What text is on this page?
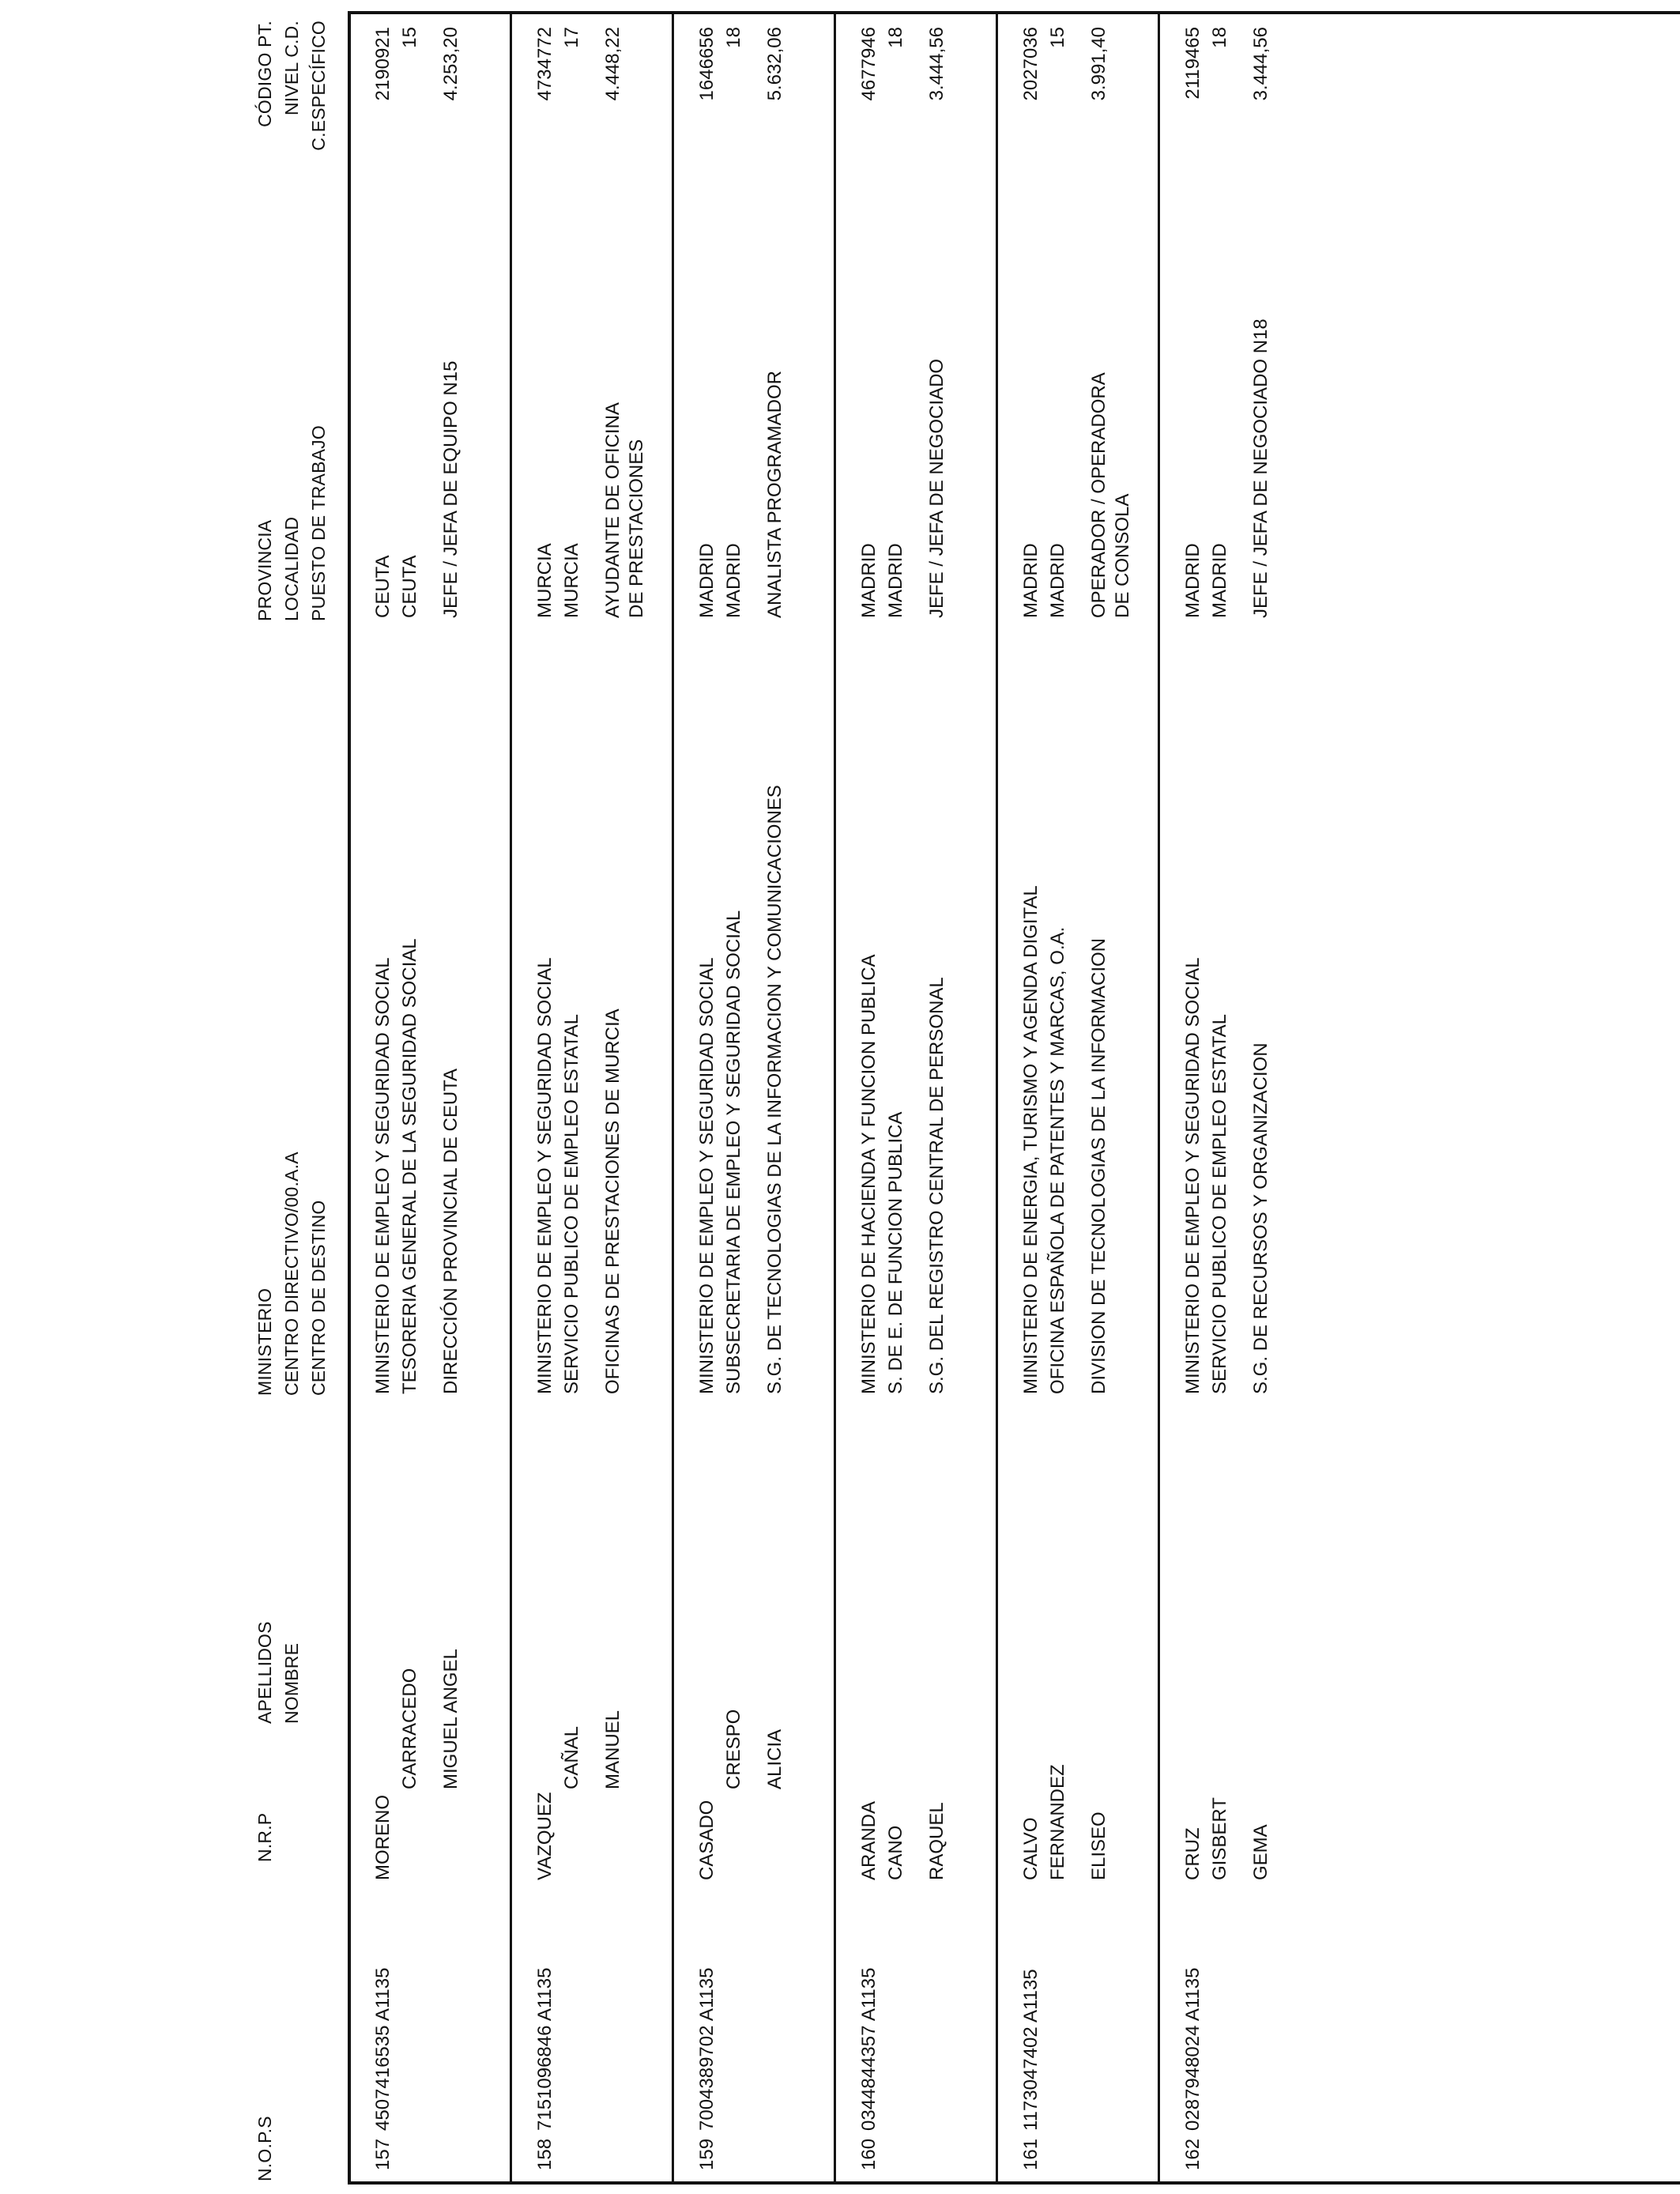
N.O.P.S
N.R.P
APELLIDOS NOMBRE
MINISTERIO CENTRO DIRECTIVO/00.A.A CENTRO DE DESTINO
PROVINCIA LOCALIDAD PUESTO DE TRABAJO
CÓDIGO PT. NIVEL C.D. C.ESPECÍFICO
157
4507416535 A1135
MORENO
CARRACEDO MIGUEL ANGEL
MINISTERIO DE EMPLEO Y SEGURIDAD SOCIAL TESORERIA GENERAL DE LA SEGURIDAD SOCIAL DIRECCIÓN PROVINCIAL DE CEUTA
CEUTA CEUTA JEFE / JEFA DE EQUIPO N15
2190921 15 4.253,20
158
7151096846 A1135
VAZQUEZ
CAÑAL MANUEL
MINISTERIO DE EMPLEO Y SEGURIDAD SOCIAL SERVICIO PUBLICO DE EMPLEO ESTATAL OFICINAS DE PRESTACIONES DE MURCIA
MURCIA MURCIA AYUDANTE DE OFICINA DE PRESTACIONES
4734772 17 4.448,22
159
7004389702 A1135
CASADO
CRESPO ALICIA
MINISTERIO DE EMPLEO Y SEGURIDAD SOCIAL SUBSECRETARIA DE EMPLEO Y SEGURIDAD SOCIAL S.G. DE TECNOLOGIAS DE LA INFORMACION Y COMUNICACIONES
MADRID MADRID ANALISTA PROGRAMADOR
1646656 18 5.632,06
160
0344844357 A1135
ARANDA CANO RAQUEL
MINISTERIO DE HACIENDA Y FUNCION PUBLICA S. DE E. DE FUNCION PUBLICA S.G. DEL REGISTRO CENTRAL DE PERSONAL
MADRID MADRID JEFE / JEFA DE NEGOCIADO
4677946 18 3.444,56
161
1173047402 A1135
CALVO FERNANDEZ ELISEO
MINISTERIO DE ENERGIA, TURISMO Y AGENDA DIGITAL OFICINA ESPAÑOLA DE PATENTES Y MARCAS, O.A. DIVISION DE TECNOLOGIAS DE LA INFORMACION
MADRID MADRID OPERADOR / OPERADORA DE CONSOLA
2027036 15 3.991,40
162
0287948024 A1135
CRUZ GISBERT GEMA
MINISTERIO DE EMPLEO Y SEGURIDAD SOCIAL SERVICIO PUBLICO DE EMPLEO ESTATAL S.G. DE RECURSOS Y ORGANIZACION
MADRID MADRID JEFE / JEFA DE NEGOCIADO N18
2119465 18 3.444,56
